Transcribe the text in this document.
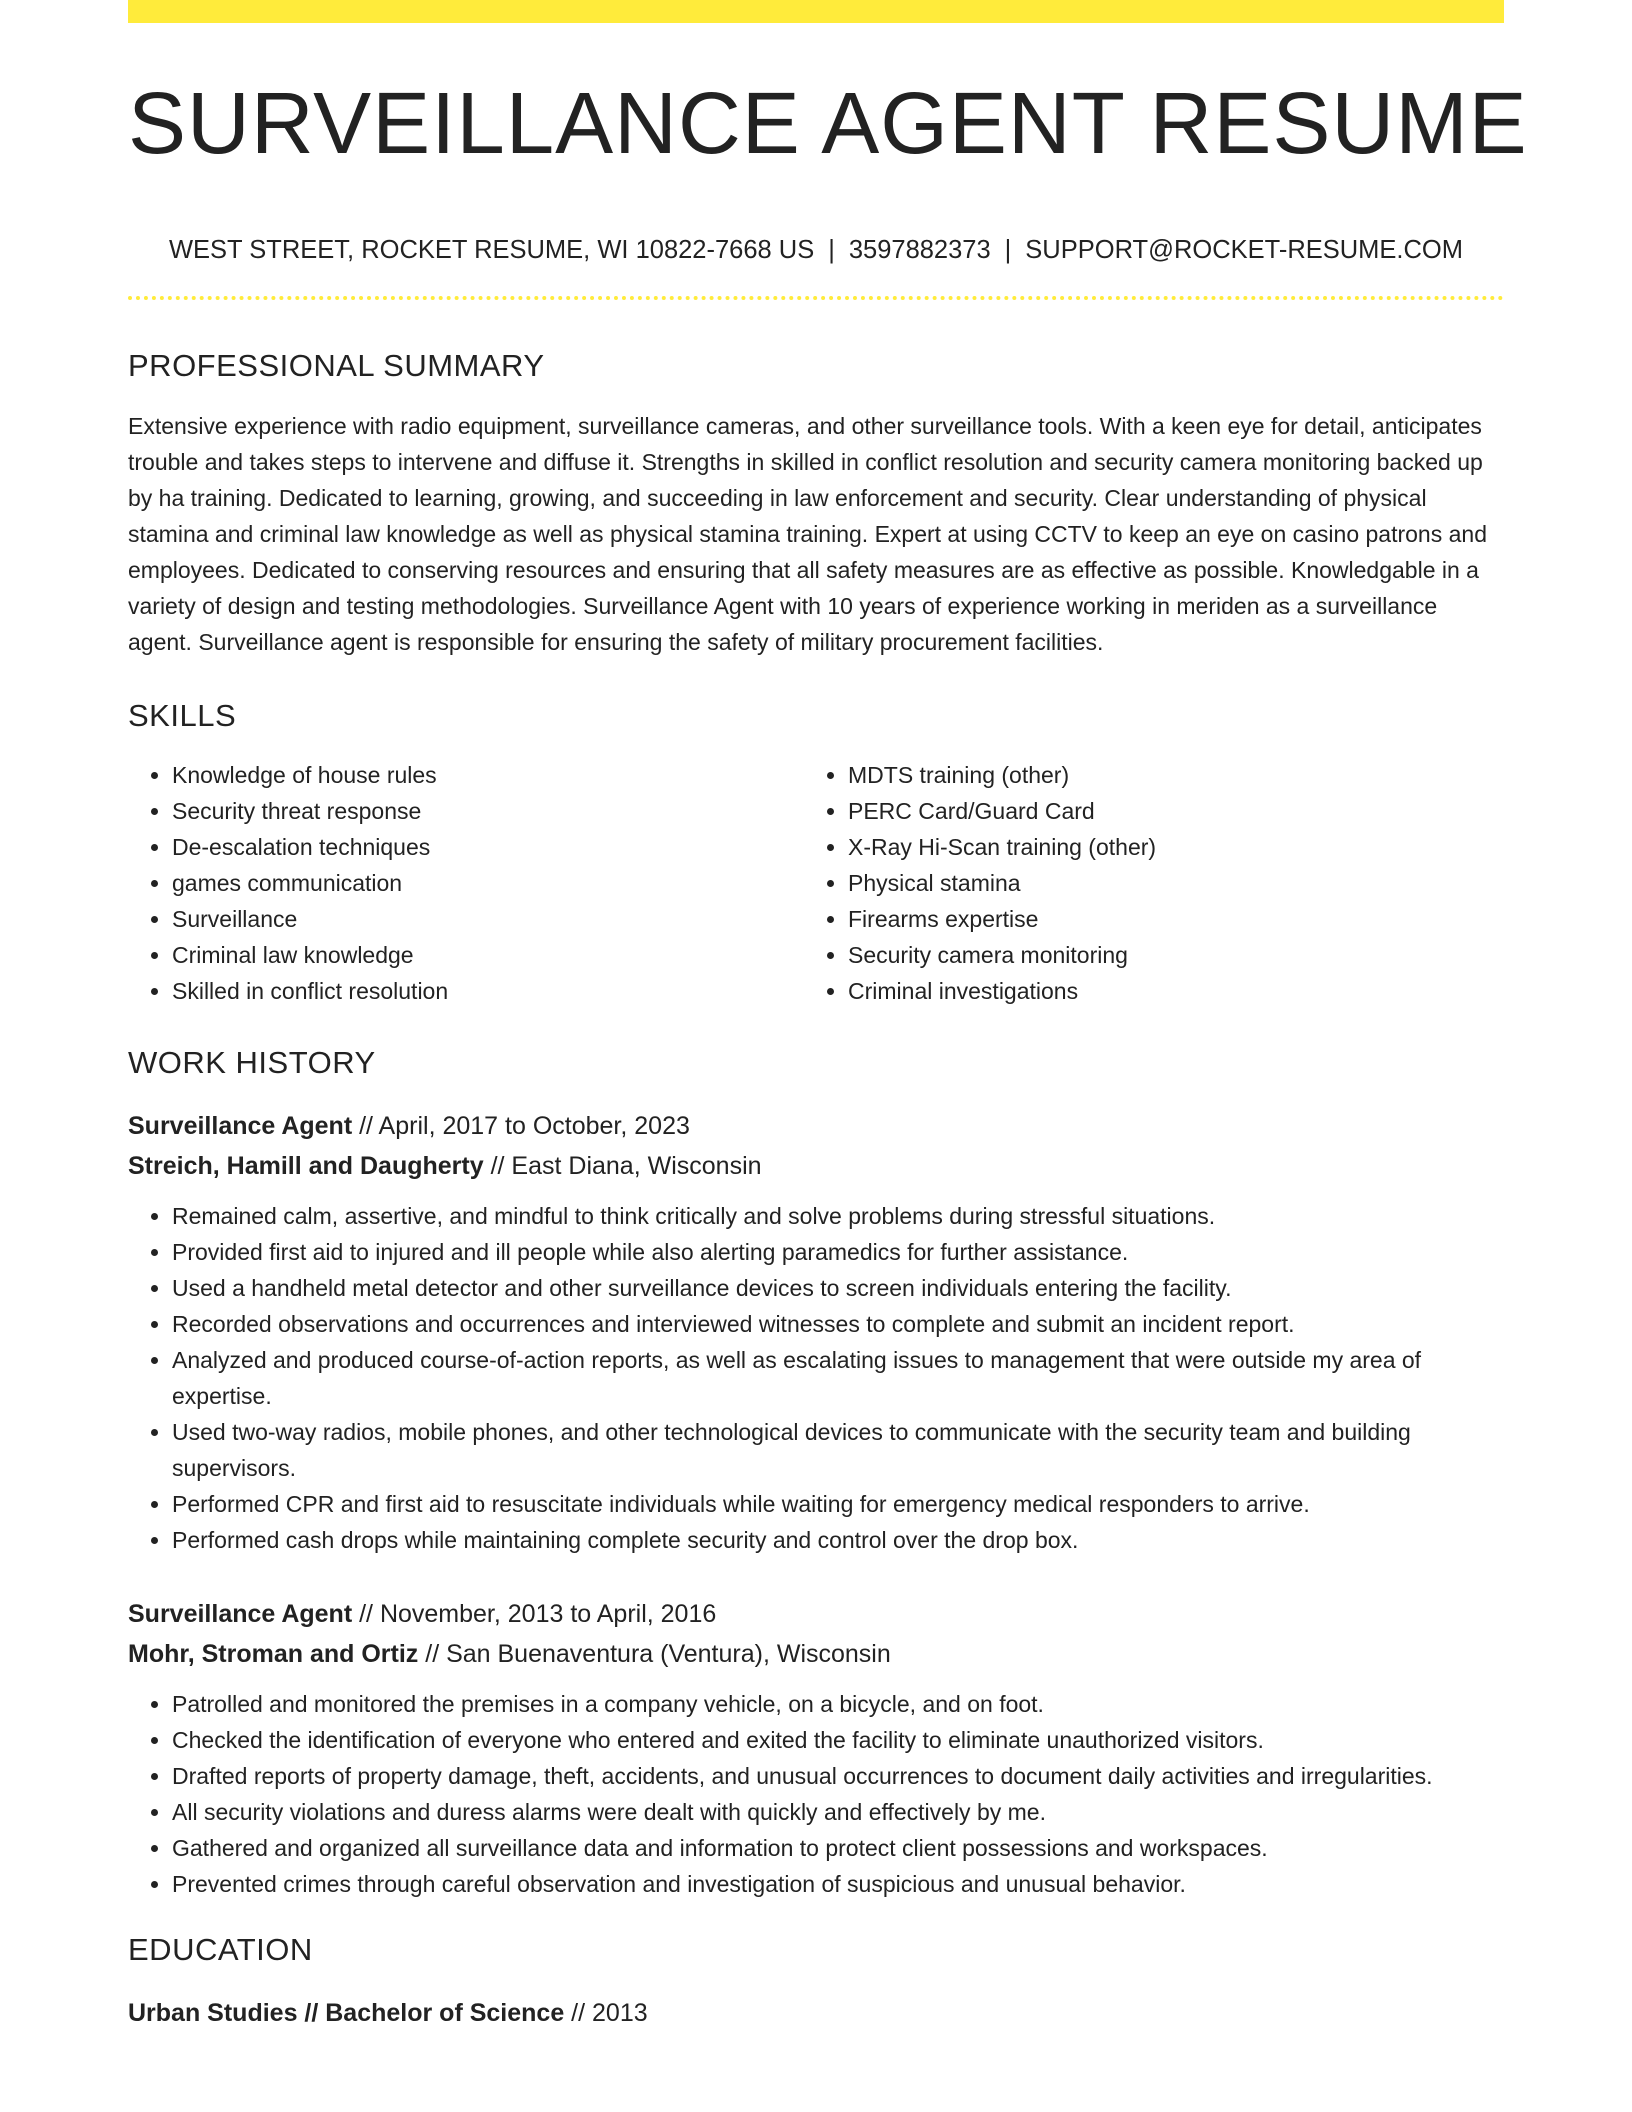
SURVEILLANCE AGENT RESUME
WEST STREET, ROCKET RESUME, WI 10822-7668 US | 3597882373 | SUPPORT@ROCKET-RESUME.COM
PROFESSIONAL SUMMARY

Extensive experience with radio equipment, surveillance cameras, and other surveillance tools. With a keen eye for detail, anticipates trouble and takes steps to intervene and diffuse it. Strengths in skilled in conflict resolution and security camera monitoring backed up by ha training. Dedicated to learning, growing, and succeeding in law enforcement and security. Clear understanding of physical stamina and criminal law knowledge as well as physical stamina training. Expert at using CCTV to keep an eye on casino patrons and employees. Dedicated to conserving resources and ensuring that all safety measures are as effective as possible. Knowledgable in a variety of design and testing methodologies. Surveillance Agent with 10 years of experience working in meriden as a surveillance agent. Surveillance agent is responsible for ensuring the safety of military procurement facilities.

SKILLS
• Knowledge of house rules
• Security threat response
• De-escalation techniques
• games communication
• Surveillance
• Criminal law knowledge
• Skilled in conflict resolution
• MDTS training (other)
• PERC Card/Guard Card
• X-Ray Hi-Scan training (other)
• Physical stamina
• Firearms expertise
• Security camera monitoring
• Criminal investigations
WORK HISTORY
Surveillance Agent // April, 2017 to October, 2023
Streich, Hamill and Daugherty // East Diana, Wisconsin
• Remained calm, assertive, and mindful to think critically and solve problems during stressful situations.
• Provided first aid to injured and ill people while also alerting paramedics for further assistance.
• Used a handheld metal detector and other surveillance devices to screen individuals entering the facility.
• Recorded observations and occurrences and interviewed witnesses to complete and submit an incident report.
• Analyzed and produced course-of-action reports, as well as escalating issues to management that were outside my area of expertise.
• Used two-way radios, mobile phones, and other technological devices to communicate with the security team and building supervisors.
• Performed CPR and first aid to resuscitate individuals while waiting for emergency medical responders to arrive.
• Performed cash drops while maintaining complete security and control over the drop box.
Surveillance Agent // November, 2013 to April, 2016
Mohr, Stroman and Ortiz // San Buenaventura (Ventura), Wisconsin
• Patrolled and monitored the premises in a company vehicle, on a bicycle, and on foot.
• Checked the identification of everyone who entered and exited the facility to eliminate unauthorized visitors.
• Drafted reports of property damage, theft, accidents, and unusual occurrences to document daily activities and irregularities.
• All security violations and duress alarms were dealt with quickly and effectively by me.
• Gathered and organized all surveillance data and information to protect client possessions and workspaces.
• Prevented crimes through careful observation and investigation of suspicious and unusual behavior.
EDUCATION
Urban Studies // Bachelor of Science // 2013
